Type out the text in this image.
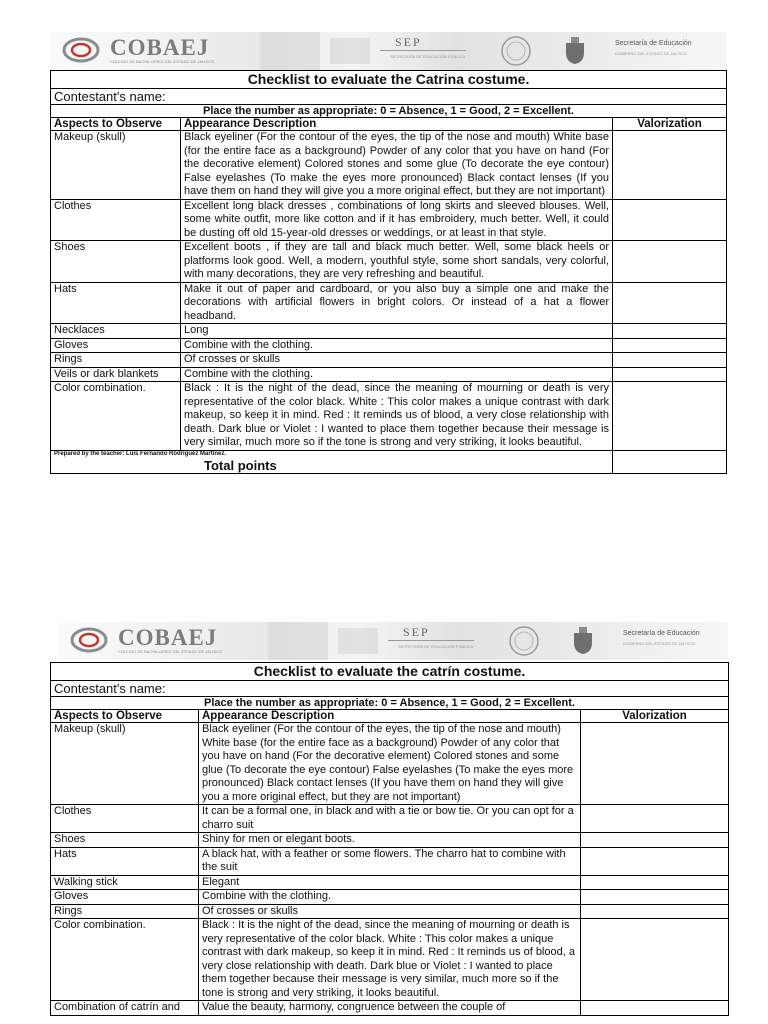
COBAEJ
COLEGIO DE BACHILLERES DEL ESTADO DE JALISCO
SEP
SECRETARÍA DE EDUCACIÓN PÚBLICA
Secretaría de Educación
GOBIERNO DEL ESTADO DE JALISCO
Checklist to evaluate the Catrina costume.		
Contestant's name:		
Place the number as appropriate: 0 = Absence, 1 = Good, 2 = Excellent.		
Aspects to Observe	Appearance Description	Valorization
Makeup (skull)	Black eyeliner (For the contour of the eyes, the tip of the nose and mouth) White base (for the entire face as a background) Powder of any color that you have on hand (For the decorative element) Colored stones and some glue (To decorate the eye contour) False eyelashes (To make the eyes more pronounced) Black contact lenses (If you have them on hand they will give you a more original effect, but they are not important)	
Clothes	Excellent long black dresses , combinations of long skirts and sleeved blouses. Well, some white outfit, more like cotton and if it has embroidery, much better. Well, it could be dusting off old 15-year-old dresses or weddings, or at least in that style.	
Shoes	Excellent boots , if they are tall and black much better. Well, some black heels or platforms look good. Well, a modern, youthful style, some short sandals, very colorful, with many decorations, they are very refreshing and beautiful.	
Hats	Make it out of paper and cardboard, or you also buy a simple one and make the decorations with artificial flowers in bright colors. Or instead of a hat a flower headband.	
Necklaces	Long	
Gloves	Combine with the clothing.	
Rings	Of crosses or skulls	
Veils or dark blankets	Combine with the clothing.	
Color combination.	Black : It is the night of the dead, since the meaning of mourning or death is very representative of the color black. White : This color makes a unique contrast with dark makeup, so keep it in mind. Red : It reminds us of blood, a very close relationship with death. Dark blue or Violet : I wanted to place them together because their message is very similar, much more so if the tone is strong and very striking, it looks beautiful.	

Prepared by the teacher: Luis Fernando Rodríguez Martínez.
Total points		

COBAEJ
COLEGIO DE BACHILLERES DEL ESTADO DE JALISCO
SEP
SECRETARÍA DE EDUCACIÓN PÚBLICA
Secretaría de Educación
GOBIERNO DEL ESTADO DE JALISCO
Checklist to evaluate the catrín costume.		
Contestant's name:		
Place the number as appropriate: 0 = Absence, 1 = Good, 2 = Excellent.		
Aspects to Observe	Appearance Description	Valorization
Makeup (skull)	Black eyeliner (For the contour of the eyes, the tip of the nose and mouth) White base (for the entire face as a background) Powder of any color that you have on hand (For the decorative element) Colored stones and some glue (To decorate the eye contour) False eyelashes (To make the eyes more pronounced) Black contact lenses (If you have them on hand they will give you a more original effect, but they are not important)	
Clothes	It can be a formal one, in black and with a tie or bow tie. Or you can opt for a charro suit	
Shoes	Shiny for men or elegant boots.	
Hats	A black hat, with a feather or some flowers. The charro hat to combine with the suit	
Walking stick	Elegant	
Gloves	Combine with the clothing.	
Rings	Of crosses or skulls	
Color combination.	Black : It is the night of the dead, since the meaning of mourning or death is very representative of the color black. White : This color makes a unique contrast with dark makeup, so keep it in mind. Red : It reminds us of blood, a very close relationship with death. Dark blue or Violet : I wanted to place them together because their message is very similar, much more so if the tone is strong and very striking, it looks beautiful.	
Combination of catrín and	Value the beauty, harmony, congruence between the couple of	
